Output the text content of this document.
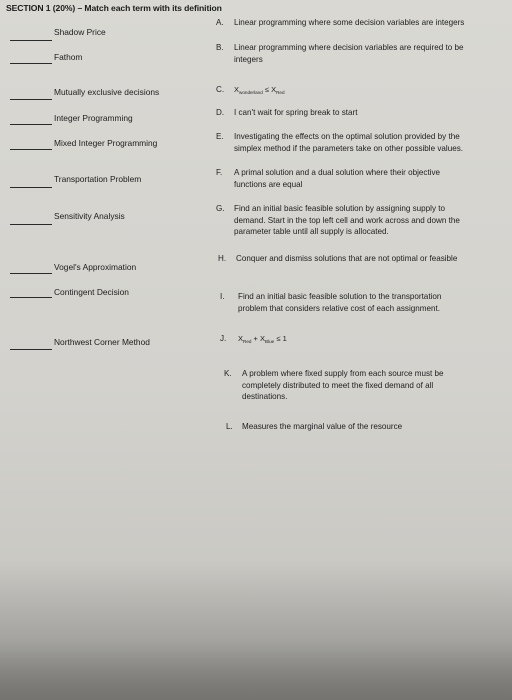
SECTION 1 (20%) – Match each term with its definition
Shadow Price
Fathom
Mutually exclusive decisions
Integer Programming
Mixed Integer Programming
Transportation Problem
Sensitivity Analysis
Vogel's Approximation
Contingent Decision
Northwest Corner Method
A.	Linear programming where some decision variables are integers
B.	Linear programming where decision variables are required to be
integers
C.	$X_{wonderland} \le X_{Red}$
D.	I can't wait for spring break to start
E.	Investigating the effects on the optimal solution provided by the
simplex method if the parameters take on other possible values.
F.	A primal solution and a dual solution where their objective
functions are equal
G.	Find an initial basic feasible solution by assigning supply to
demand. Start in the top left cell and work across and down the
parameter table until all supply is allocated.
H.	Conquer and dismiss solutions that are not optimal or feasible
I.	Find an initial basic feasible solution to the transportation
problem that considers relative cost of each assignment.
J.	$X_{Red} + X_{Blue} \le 1$
K.	A problem where fixed supply from each source must be
completely distributed to meet the fixed demand of all
destinations.
L.	Measures the marginal value of the resource
